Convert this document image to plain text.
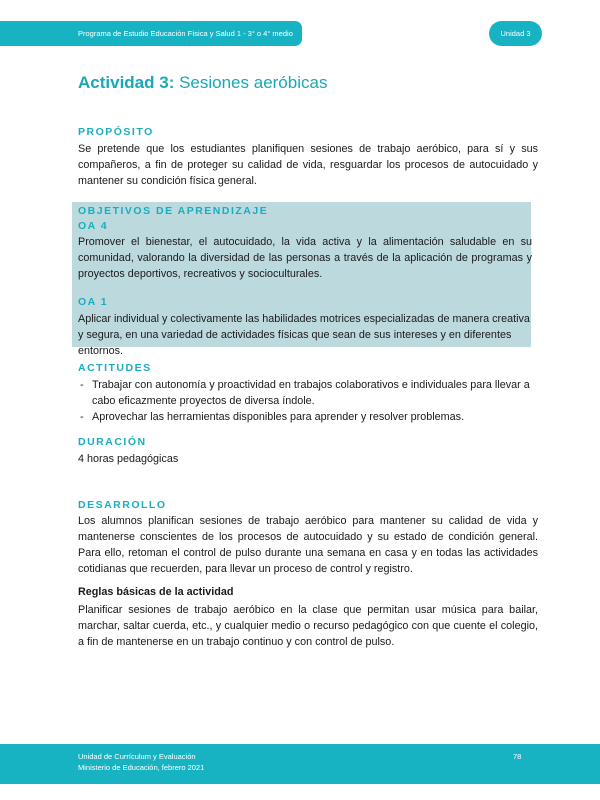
Programa de Estudio Educación Física y Salud 1 - 3° o 4° medio	Unidad 3
Actividad 3: Sesiones aeróbicas
PROPÓSITO

Se pretende que los estudiantes planifiquen sesiones de trabajo aeróbico, para sí y sus compañeros, a fin de proteger su calidad de vida, resguardar los procesos de autocuidado y mantener su condición física general.

OBJETIVOS DE APRENDIZAJE
OA 4

Promover el bienestar, el autocuidado, la vida activa y la alimentación saludable en su comunidad, valorando la diversidad de las personas a través de la aplicación de programas y proyectos deportivos, recreativos y socioculturales.

OA 1

Aplicar individual y colectivamente las habilidades motrices especializadas de manera creativa y segura, en una variedad de actividades físicas que sean de sus intereses y en diferentes entornos.

ACTITUDES
- Trabajar con autonomía y proactividad en trabajos colaborativos e individuales para llevar a cabo eficazmente proyectos de diversa índole.
- Aprovechar las herramientas disponibles para aprender y resolver problemas.
DURACIÓN

4 horas pedagógicas

DESARROLLO

Los alumnos planifican sesiones de trabajo aeróbico para mantener su calidad de vida y mantenerse conscientes de los procesos de autocuidado y su estado de condición general. Para ello, retoman el control de pulso durante una semana en casa y en todas las actividades cotidianas que recuerden, para llevar un proceso de control y registro.

Reglas básicas de la actividad

Planificar sesiones de trabajo aeróbico en la clase que permitan usar música para bailar, marchar, saltar cuerda, etc., y cualquier medio o recurso pedagógico con que cuente el colegio, a fin de mantenerse en un trabajo continuo y con control de pulso.

Unidad de Currículum y Evaluación
Ministerio de Educación, febrero 2021
78
